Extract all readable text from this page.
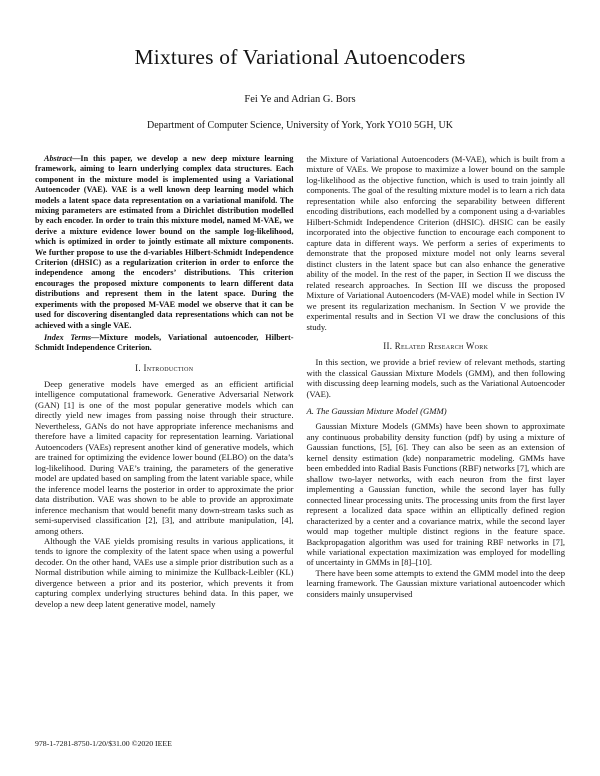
Mixtures of Variational Autoencoders
Fei Ye and Adrian G. Bors
Department of Computer Science, University of York, York YO10 5GH, UK

Abstract—In this paper, we develop a new deep mixture learning framework, aiming to learn underlying complex data structures. Each component in the mixture model is implemented using a Variational Autoencoder (VAE). VAE is a well known deep learning model which models a latent space data representation on a variational manifold. The mixing parameters are estimated from a Dirichlet distribution modelled by each encoder. In order to train this mixture model, named M-VAE, we derive a mixture evidence lower bound on the sample log-likelihood, which is optimized in order to jointly estimate all mixture components. We further propose to use the d-variables Hilbert-Schmidt Independence Criterion (dHSIC) as a regularization criterion in order to enforce the independence among the encoders’ distributions. This criterion encourages the proposed mixture components to learn different data distributions and represent them in the latent space. During the experiments with the proposed M-VAE model we observe that it can be used for discovering disentangled data representations which can not be achieved with a single VAE.

Index Terms—Mixture models, Variational autoencoder, Hilbert-Schmidt Independence Criterion.

I. Introduction

Deep generative models have emerged as an efficient artificial intelligence computational framework. Generative Adversarial Network (GAN) [1] is one of the most popular generative models which can directly yield new images from passing noise through their structure. Nevertheless, GANs do not have appropriate inference mechanisms and therefore have a limited capacity for representation learning. Variational Autoencoders (VAEs) represent another kind of generative models, which are trained for optimizing the evidence lower bound (ELBO) on the data’s log-likelihood. During VAE’s training, the parameters of the generative model are updated based on sampling from the latent variable space, while the inference model learns the posterior in order to approximate the prior data distribution. VAE was shown to be able to provide an approximate inference mechanism that would benefit many down-stream tasks such as semi-supervised classification [2], [3], and attribute manipulation, [4], among others.

Although the VAE yields promising results in various applications, it tends to ignore the complexity of the latent space when using a powerful decoder. On the other hand, VAEs use a simple prior distribution such as a Normal distribution while aiming to minimize the Kullback-Leibler (KL) divergence between a prior and its posterior, which prevents it from capturing complex underlying structures behind data. In this paper, we develop a new deep latent generative model, namely

the Mixture of Variational Autoencoders (M-VAE), which is built from a mixture of VAEs. We propose to maximize a lower bound on the sample log-likelihood as the objective function, which is used to train jointly all components. The goal of the resulting mixture model is to learn a rich data representation while also enforcing the separability between different encoding distributions, each modelled by a component using a d-variables Hilbert-Schmidt Independence Criterion (dHSIC). dHSIC can be easily incorporated into the objective function to encourage each component to capture data in different ways. We perform a series of experiments to demonstrate that the proposed mixture model not only learns several distinct clusters in the latent space but can also enhance the generative ability of the model. In the rest of the paper, in Section II we discuss the related research approaches. In Section III we discuss the proposed Mixture of Variational Autoencoders (M-VAE) model while in Section IV we present its regularization mechanism. In Section V we provide the experimental results and in Section VI we draw the conclusions of this study.

II. Related Research Work

In this section, we provide a brief review of relevant methods, starting with the classical Gaussian Mixture Models (GMM), and then following with discussing deep learning models, such as the Variational Autoencoder (VAE).

A. The Gaussian Mixture Model (GMM)

Gaussian Mixture Models (GMMs) have been shown to approximate any continuous probability density function (pdf) by using a mixture of Gaussian functions, [5], [6]. They can also be seen as an extension of kernel density estimation (kde) nonparametric modeling. GMMs have been embedded into Radial Basis Functions (RBF) networks [7], which are shallow two-layer networks, with each neuron from the first layer implementing a Gaussian function, while the second layer has fully connected linear processing units. The processing units from the first layer represent a localized data space within an elliptically defined region characterized by a center and a covariance matrix, while the second layer would map together multiple distinct regions in the feature space. Backpropagation algorithm was used for training RBF networks in [7], while variational expectation maximization was employed for modelling of uncertainty in GMMs in [8]–[10].

There have been some attempts to extend the GMM model into the deep learning framework. The Gaussian mixture variational autoencoder which considers mainly unsupervised

978-1-7281-8750-1/20/$31.00 ©2020 IEEE
